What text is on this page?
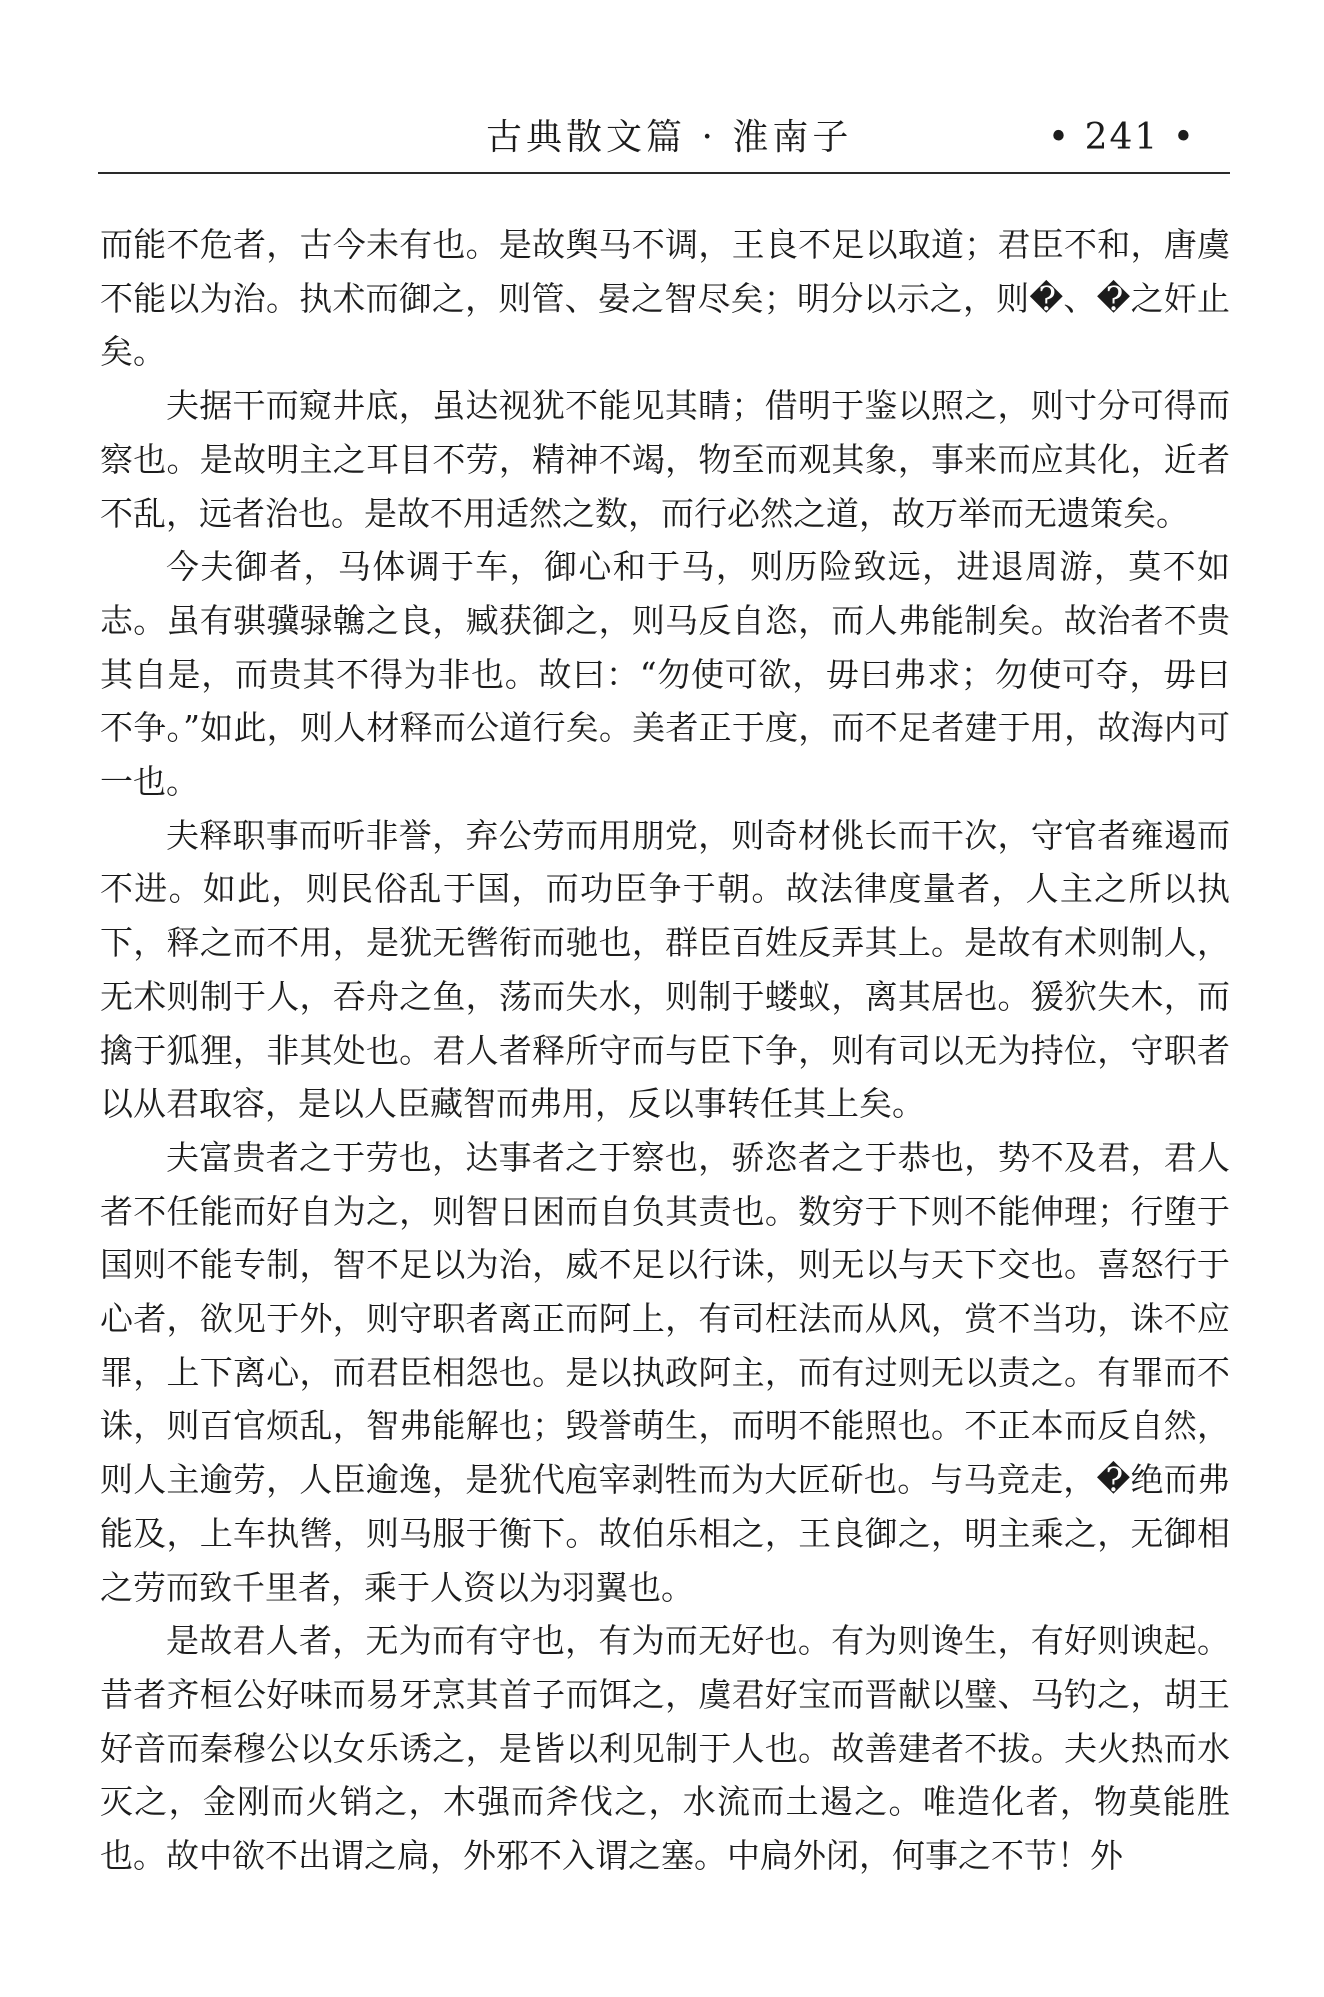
古典散文篇 · 淮南子	• 241 •

而能不危者，古今未有也。是故舆马不调，王良不足以取道；君臣不和，唐虞不能以为治。执术而御之，则管、晏之智尽矣；明分以示之，则�、�之奸止矣。

夫据干而窥井底，虽达视犹不能见其睛；借明于鉴以照之，则寸分可得而察也。是故明主之耳目不劳，精神不竭，物至而观其象，事来而应其化，近者不乱，远者治也。是故不用适然之数，而行必然之道，故万举而无遗策矣。

今夫御者，马体调于车，御心和于马，则历险致远，进退周游，莫不如志。虽有骐骥𫘧䮧之良，臧获御之，则马反自恣，而人弗能制矣。故治者不贵其自是，而贵其不得为非也。故曰：“勿使可欲，毋曰弗求；勿使可夺，毋曰不争。”如此，则人材释而公道行矣。美者正于度，而不足者建于用，故海内可一也。

夫释职事而听非誉，弃公劳而用朋党，则奇材佻长而干次，守官者雍遏而不进。如此，则民俗乱于国，而功臣争于朝。故法律度量者，人主之所以执下，释之而不用，是犹无辔衔而驰也，群臣百姓反弄其上。是故有术则制人，无术则制于人，吞舟之鱼，荡而失水，则制于蝼蚁，离其居也。猨狖失木，而擒于狐狸，非其处也。君人者释所守而与臣下争，则有司以无为持位，守职者以从君取容，是以人臣藏智而弗用，反以事转任其上矣。

夫富贵者之于劳也，达事者之于察也，骄恣者之于恭也，势不及君，君人者不任能而好自为之，则智日困而自负其责也。数穷于下则不能伸理；行堕于国则不能专制，智不足以为治，威不足以行诛，则无以与天下交也。喜怒行于心者，欲见于外，则守职者离正而阿上，有司枉法而从风，赏不当功，诛不应罪，上下离心，而君臣相怨也。是以执政阿主，而有过则无以责之。有罪而不诛，则百官烦乱，智弗能解也；毁誉萌生，而明不能照也。不正本而反自然，则人主逾劳，人臣逾逸，是犹代庖宰剥牲而为大匠斫也。与马竞走，�绝而弗能及，上车执辔，则马服于衡下。故伯乐相之，王良御之，明主乘之，无御相之劳而致千里者，乘于人资以为羽翼也。

是故君人者，无为而有守也，有为而无好也。有为则谗生，有好则谀起。昔者齐桓公好味而易牙烹其首子而饵之，虞君好宝而晋献以璧、马钓之，胡王好音而秦穆公以女乐诱之，是皆以利见制于人也。故善建者不拔。夫火热而水灭之，金刚而火销之，木强而斧伐之，水流而土遏之。唯造化者，物莫能胜也。故中欲不出谓之扃，外邪不入谓之塞。中扃外闭，何事之不节！外
